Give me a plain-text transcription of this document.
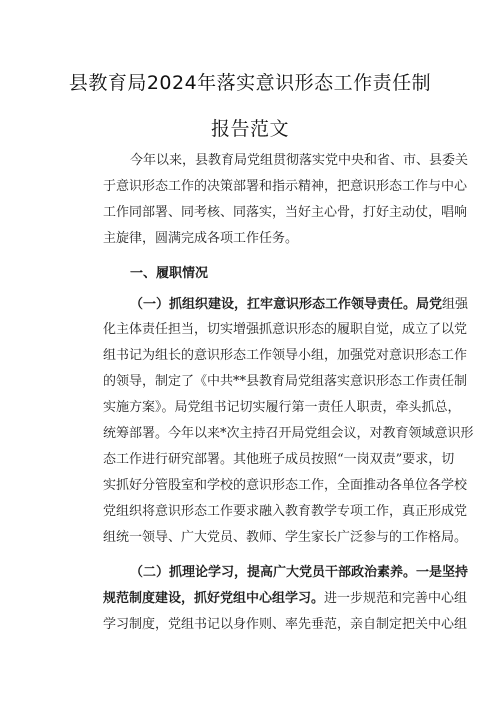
县教育局2024年落实意识形态工作责任制
报告范文
今年以来，县教育局党组贯彻落实党中央和省、市、县委关
于意识形态工作的决策部署和指示精神，把意识形态工作与中心
工作同部署、同考核、同落实，当好主心骨，打好主动仗，唱响
主旋律，圆满完成各项工作任务。
一、履职情况
（一）抓组织建设，扛牢意识形态工作领导责任。局党组强
化主体责任担当，切实增强抓意识形态的履职自觉，成立了以党
组书记为组长的意识形态工作领导小组，加强党对意识形态工作
的领导，制定了《中共**县教育局党组落实意识形态工作责任制
实施方案》。局党组书记切实履行第一责任人职责，牵头抓总，
统筹部署。今年以来*次主持召开局党组会议，对教育领域意识形
态工作进行研究部署。其他班子成员按照“一岗双责”要求，切
实抓好分管股室和学校的意识形态工作，全面推动各单位各学校
党组织将意识形态工作要求融入教育教学专项工作，真正形成党
组统一领导、广大党员、教师、学生家长广泛参与的工作格局。
（二）抓理论学习，提高广大党员干部政治素养。一是坚持
规范制度建设，抓好党组中心组学习。进一步规范和完善中心组
学习制度，党组书记以身作则、率先垂范，亲自制定把关中心组
